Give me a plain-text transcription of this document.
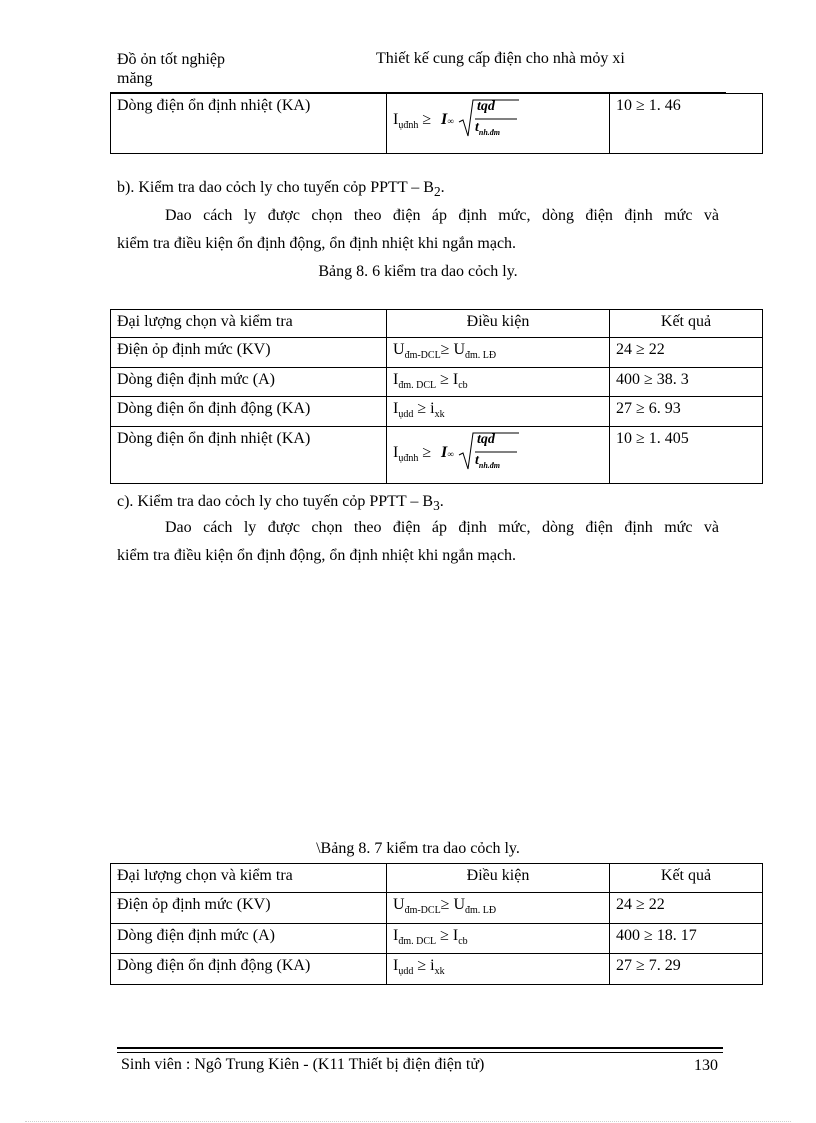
Đồ ỏn tốt nghiệp
măng
Thiết kế cung cấp điện cho nhà mỏy xi
Dòng điện ổn định nhiệt (KA)	
$I_{ụđnh} \ge I\infty$
tqd
$t_{nh.đm}$
	10 ≥ 1. 46
b). Kiểm tra dao cỏch ly cho tuyến cỏp PPTT – $B_2$.
Dao cách ly được chọn theo điện áp định mức, dòng điện định mức và
kiểm tra điều kiện ổn định động, ổn định nhiệt khi ngắn mạch.
Bảng 8. 6 kiểm tra dao cỏch ly.
Đại lượng chọn và kiểm tra	Điều kiện	Kết quả
Điện ỏp định mức (KV)	$U_{đm-DCL}\ge U_{đm. LĐ}$	24 ≥ 22
Dòng điện định mức (A)	$I_{đm. DCL} \ge I_{cb}$	400 ≥ 38. 3
Dòng điện ổn định động (KA)	$I_{ụdd} \ge i_{xk}$	27 ≥ 6. 93
Dòng điện ổn định nhiệt (KA)	$I_{ụđnh} \ge I\infty$
tqd
$t_{nh.đm}$	10 ≥ 1. 405
c). Kiểm tra dao cỏch ly cho tuyến cỏp PPTT – $B_3$.
Dao cách ly được chọn theo điện áp định mức, dòng điện định mức và
kiểm tra điều kiện ổn định động, ổn định nhiệt khi ngắn mạch.
\Bảng 8. 7 kiểm tra dao cỏch ly.
Đại lượng chọn và kiểm tra	Điều kiện	Kết quả
Điện ỏp định mức (KV)	$U_{đm-DCL}\ge U_{đm. LĐ}$	24 ≥ 22
Dòng điện định mức (A)	$I_{đm. DCL} \ge I_{cb}$	400 ≥ 18. 17
Dòng điện ổn định động (KA)	$I_{ụdd} \ge i_{xk}$	27 ≥ 7. 29
Sinh viên : Ngô Trung Kiên - (K11 Thiết bị điện điện tử)	130
